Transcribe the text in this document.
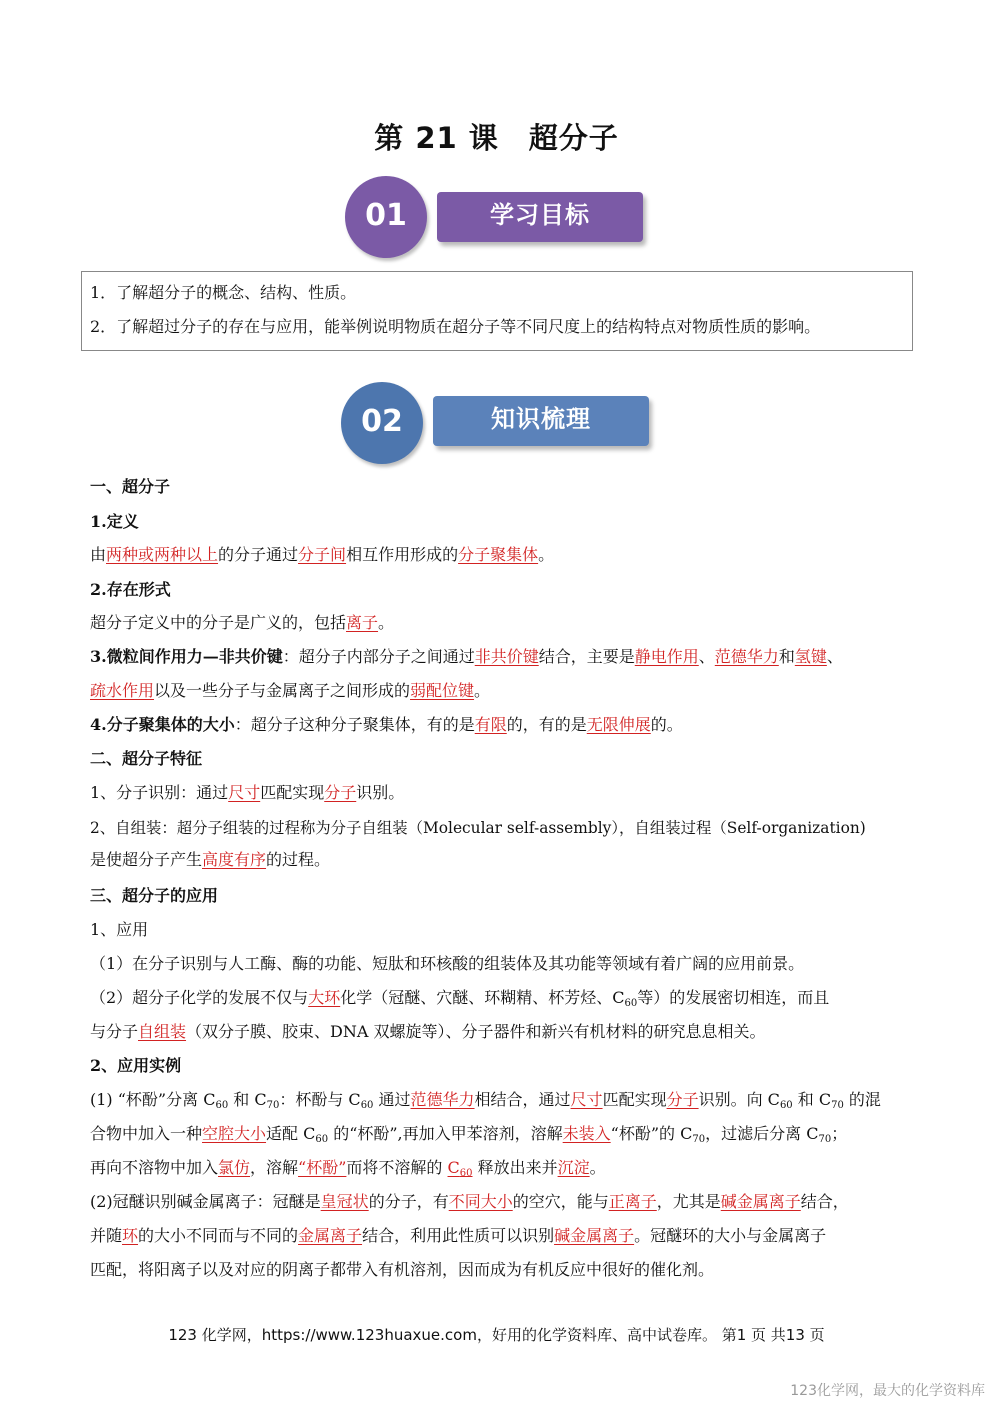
第 21 课　超分子
01	学习目标
1．了解超分子的概念、结构、性质。
2．了解超过分子的存在与应用，能举例说明物质在超分子等不同尺度上的结构特点对物质性质的影响。
02	知识梳理
一、超分子
1.定义
由两种或两种以上的分子通过分子间相互作用形成的分子聚集体。
2.存在形式
超分子定义中的分子是广义的，包括离子。
3.微粒间作用力—非共价键：超分子内部分子之间通过非共价键结合，主要是静电作用、范德华力和氢键、
疏水作用以及一些分子与金属离子之间形成的弱配位键。
4.分子聚集体的大小：超分子这种分子聚集体，有的是有限的，有的是无限伸展的。
二、超分子特征
1、分子识别：通过尺寸匹配实现分子识别。
2、自组装：超分子组装的过程称为分子自组装（Molecular self-assembly），自组装过程（Self-organization)
是使超分子产生高度有序的过程。
三、超分子的应用
1、应用
（1）在分子识别与人工酶、酶的功能、短肽和环核酸的组装体及其功能等领域有着广阔的应用前景。
（2）超分子化学的发展不仅与大环化学（冠醚、穴醚、环糊精、杯芳烃、$C_{60}$等）的发展密切相连，而且
与分子自组装（双分子膜、胶束、DNA 双螺旋等）、分子器件和新兴有机材料的研究息息相关。
2、应用实例
(1) “杯酚”分离 $C_{60}$ 和 $C_{70}$：杯酚与 $C_{60}$ 通过范德华力相结合，通过尺寸匹配实现分子识别。向 $C_{60}$ 和 $C_{70}$ 的混
合物中加入一种空腔大小适配 $C_{60}$ 的“杯酚”,再加入甲苯溶剂，溶解未装入“杯酚”的 $C_{70}$，过滤后分离 $C_{70}$；
再向不溶物中加入氯仿，溶解“杯酚”而将不溶解的 $C_{60}$ 释放出来并沉淀。
(2)冠醚识别碱金属离子：冠醚是皇冠状的分子，有不同大小的空穴，能与正离子，尤其是碱金属离子结合，
并随环的大小不同而与不同的金属离子结合，利用此性质可以识别碱金属离子。冠醚环的大小与金属离子
匹配，将阳离子以及对应的阴离子都带入有机溶剂，因而成为有机反应中很好的催化剂。
123 化学网，https://www.123huaxue.com，好用的化学资料库、高中试卷库。 第1 页 共13 页
123化学网，最大的化学资料库
